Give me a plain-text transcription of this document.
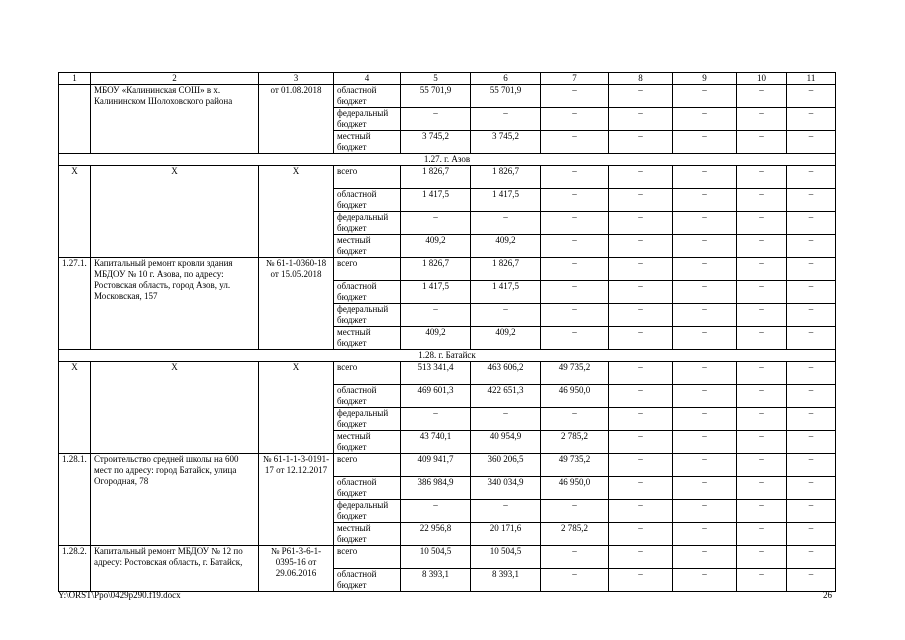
1	2	3	4	5	6	7	8	9	10	11
	МБОУ «Калининская СОШ» в х. Калининском Шолоховского района	от 01.08.2018	областной бюджет	55 701,9	55 701,9	–	–	–	–	–
			федеральный бюджет	–	–	–	–	–	–	–
			местный бюджет	3 745,2	3 745,2	–	–	–	–	–
1.27. г. Азов										
Х	Х	Х	всего	1 826,7	1 826,7	–	–	–	–	–
			областной бюджет	1 417,5	1 417,5	–	–	–	–	–
			федеральный бюджет	–	–	–	–	–	–	–
			местный бюджет	409,2	409,2	–	–	–	–	–
1.27.1.	Капитальный ремонт кровли здания МБДОУ № 10 г. Азова, по адресу: Ростовская область, город Азов, ул. Московская, 157	№ 61-1-0360-18 от 15.05.2018	всего	1 826,7	1 826,7	–	–	–	–	–
			областной бюджет	1 417,5	1 417,5	–	–	–	–	–
			федеральный бюджет	–	–	–	–	–	–	–
			местный бюджет	409,2	409,2	–	–	–	–	–
1.28. г. Батайск										
Х	Х	Х	всего	513 341,4	463 606,2	49 735,2	–	–	–	–
			областной бюджет	469 601,3	422 651,3	46 950,0	–	–	–	–
			федеральный бюджет	–	–	–	–	–	–	–
			местный бюджет	43 740,1	40 954,9	2 785,2	–	–	–	–
1.28.1.	Строительство средней школы на 600 мест по адресу: город Батайск, улица Огородная, 78	№ 61-1-1-3-0191-17 от 12.12.2017	всего	409 941,7	360 206,5	49 735,2	–	–	–	–
			областной бюджет	386 984,9	340 034,9	46 950,0	–	–	–	–
			федеральный бюджет	–	–	–	–	–	–	–
			местный бюджет	22 956,8	20 171,6	2 785,2	–	–	–	–
1.28.2.	Капитальный ремонт МБДОУ № 12 по адресу: Ростовская область, г. Батайск,	№ Р61-3-6-1-0395-16 от 29.06.2016	всего	10 504,5	10 504,5	–	–	–	–	–
			областной бюджет	8 393,1	8 393,1	–	–	–	–	–
Y:\ORST\Ppo\0429p290.f19.docx	26
